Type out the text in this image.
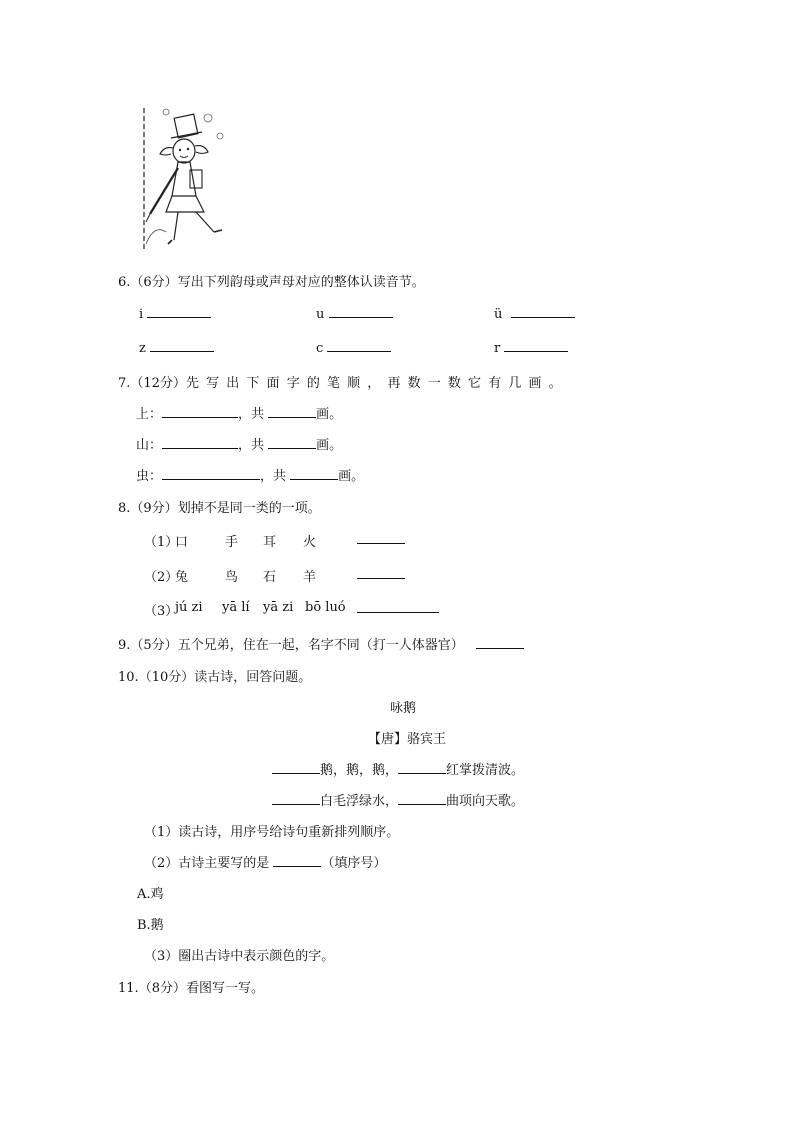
6.（6分）写出下列韵母或声母对应的整体认读音节。
i	u	ü
z	c	r
7.（12分）先写出下面字的笔顺，再数一数它有几画。
上：	，共	画。
山：	，共	画。
虫：	，共	画。
8.（9分）划掉不是同一类的一项。
（1）
口	手 耳 火
（2）
兔	鸟 石 羊
（3）
jú zi yā lí yā zi bō luó
9.（5分）五个兄弟，住在一起，名字不同（打一人体器官）
10.（10分）读古诗，回答问题。
咏鹅
【唐】骆宾王
鹅，鹅，鹅，	红掌拨清波。
白毛浮绿水，	曲项向天歌。
（1）读古诗，用序号给诗句重新排列顺序。
（2）古诗主要写的是	（填序号）
A.鸡
B.鹅
（3）圈出古诗中表示颜色的字。
11.（8分）看图写一写。
